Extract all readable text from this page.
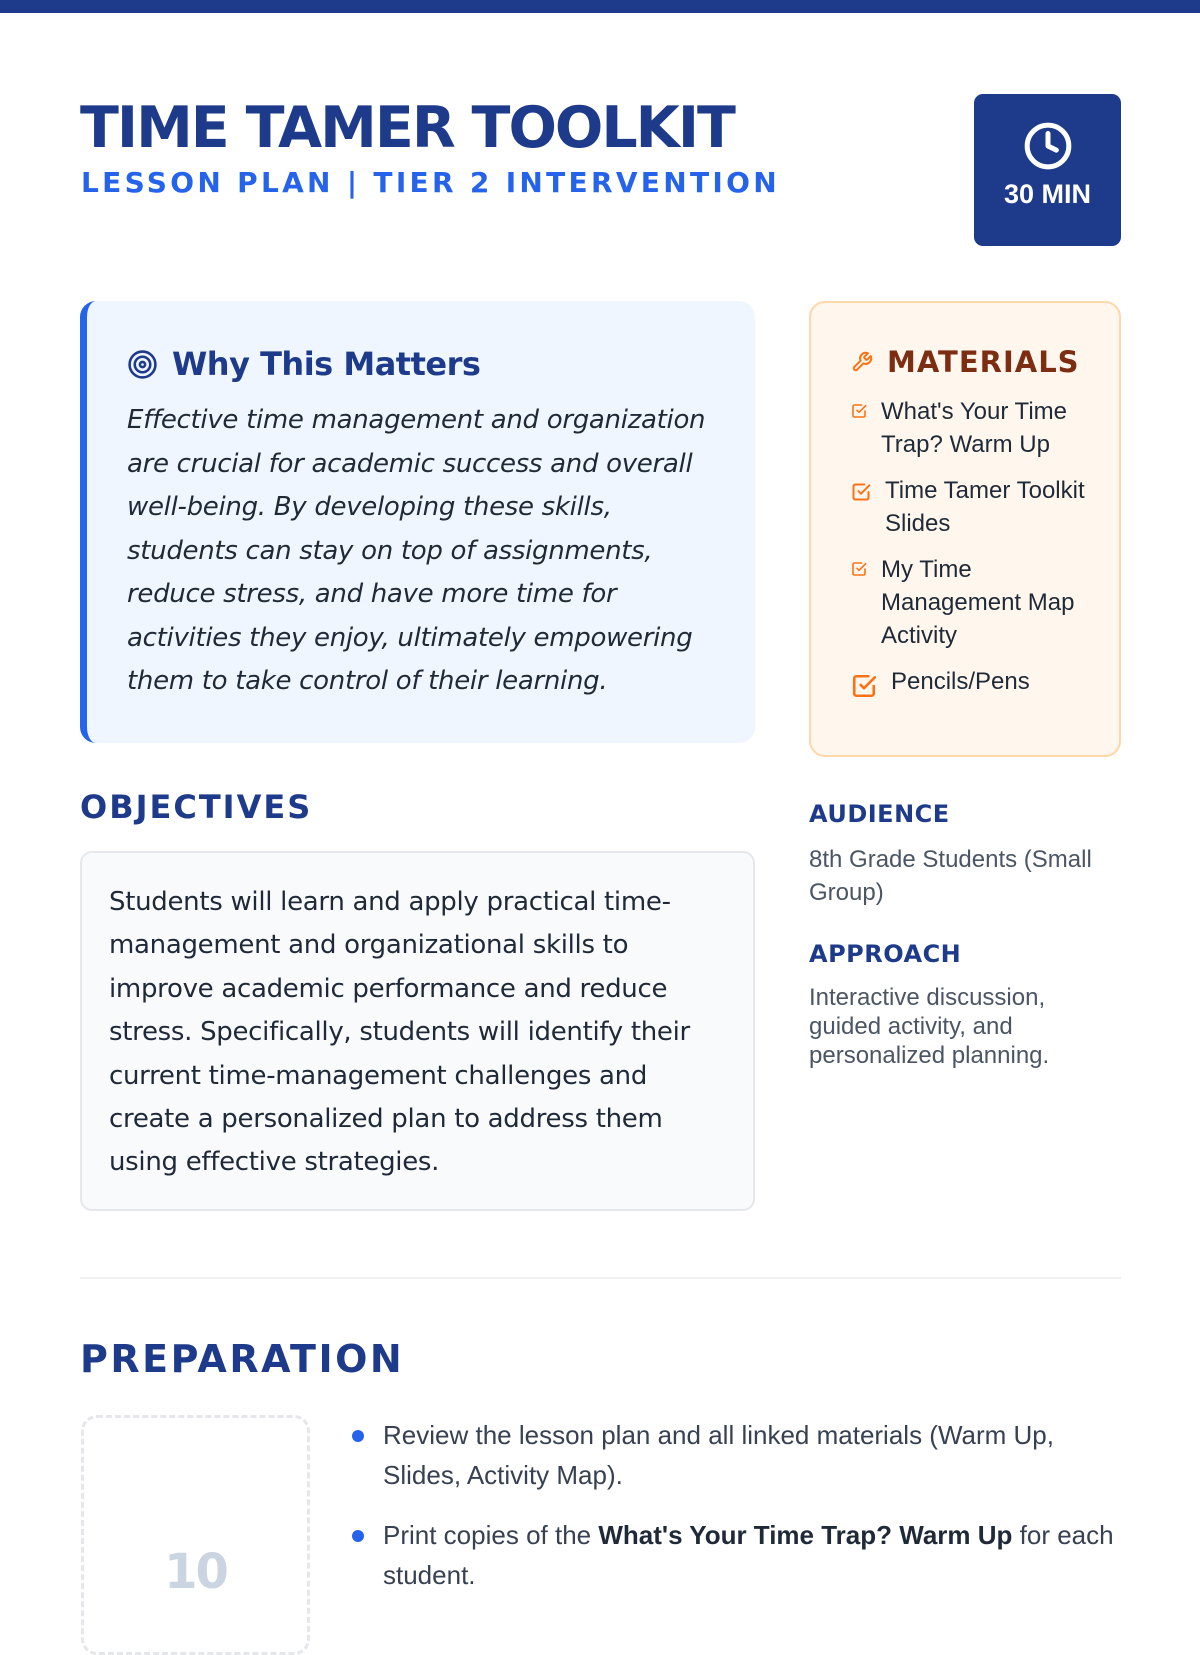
TIME TAMER TOOLKIT
LESSON PLAN | TIER 2 INTERVENTION	30 MIN
Why This Matters
Effective time management and organization are crucial for academic success and overall well-being. By developing these skills, students can stay on top of assignments, reduce stress, and have more time for activities they enjoy, ultimately empowering them to take control of their learning.
MATERIALS
What's Your Time Trap? Warm Up
Time Tamer Toolkit Slides
My Time Management Map Activity
Pencils/Pens
OBJECTIVES
Students will learn and apply practical time-management and organizational skills to improve academic performance and reduce stress. Specifically, students will identify their current time-management challenges and create a personalized plan to address them using effective strategies.
AUDIENCE
8th Grade Students (Small Group)
APPROACH
Interactive discussion, guided activity, and personalized planning.
PREPARATION
10
Review the lesson plan and all linked materials (Warm Up, Slides, Activity Map).
Print copies of the What's Your Time Trap? Warm Up for each student.
